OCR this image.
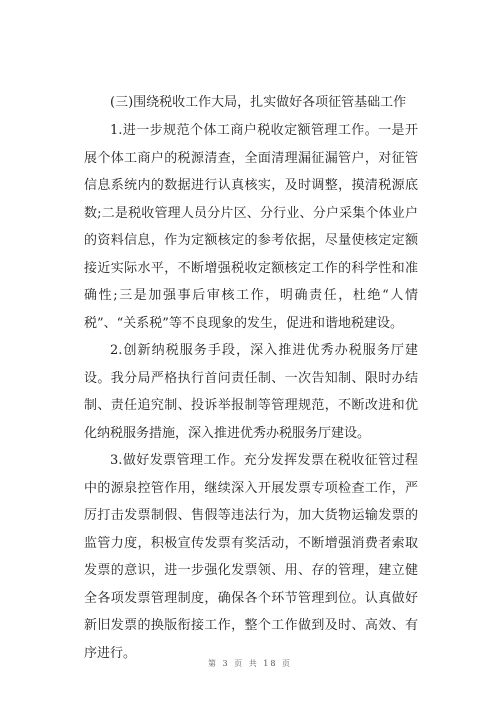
(三)围绕税收工作大局，扎实做好各项征管基础工作

1.进一步规范个体工商户税收定额管理工作。一是开展个体工商户的税源清查，全面清理漏征漏管户，对征管信息系统内的数据进行认真核实，及时调整，摸清税源底数;二是税收管理人员分片区、分行业、分户采集个体业户的资料信息，作为定额核定的参考依据，尽量使核定定额接近实际水平，不断增强税收定额核定工作的科学性和准确性;三是加强事后审核工作，明确责任，杜绝“人情税”、“关系税”等不良现象的发生，促进和谐地税建设。

2.创新纳税服务手段，深入推进优秀办税服务厅建设。我分局严格执行首问责任制、一次告知制、限时办结制、责任追究制、投诉举报制等管理规范，不断改进和优化纳税服务措施，深入推进优秀办税服务厅建设。

3.做好发票管理工作。充分发挥发票在税收征管过程中的源泉控管作用，继续深入开展发票专项检查工作，严厉打击发票制假、售假等违法行为，加大货物运输发票的监管力度，积极宣传发票有奖活动，不断增强消费者索取发票的意识，进一步强化发票领、用、存的管理，建立健全各项发票管理制度，确保各个环节管理到位。认真做好新旧发票的换版衔接工作，整个工作做到及时、高效、有序进行。

第 3 页 共 18 页
